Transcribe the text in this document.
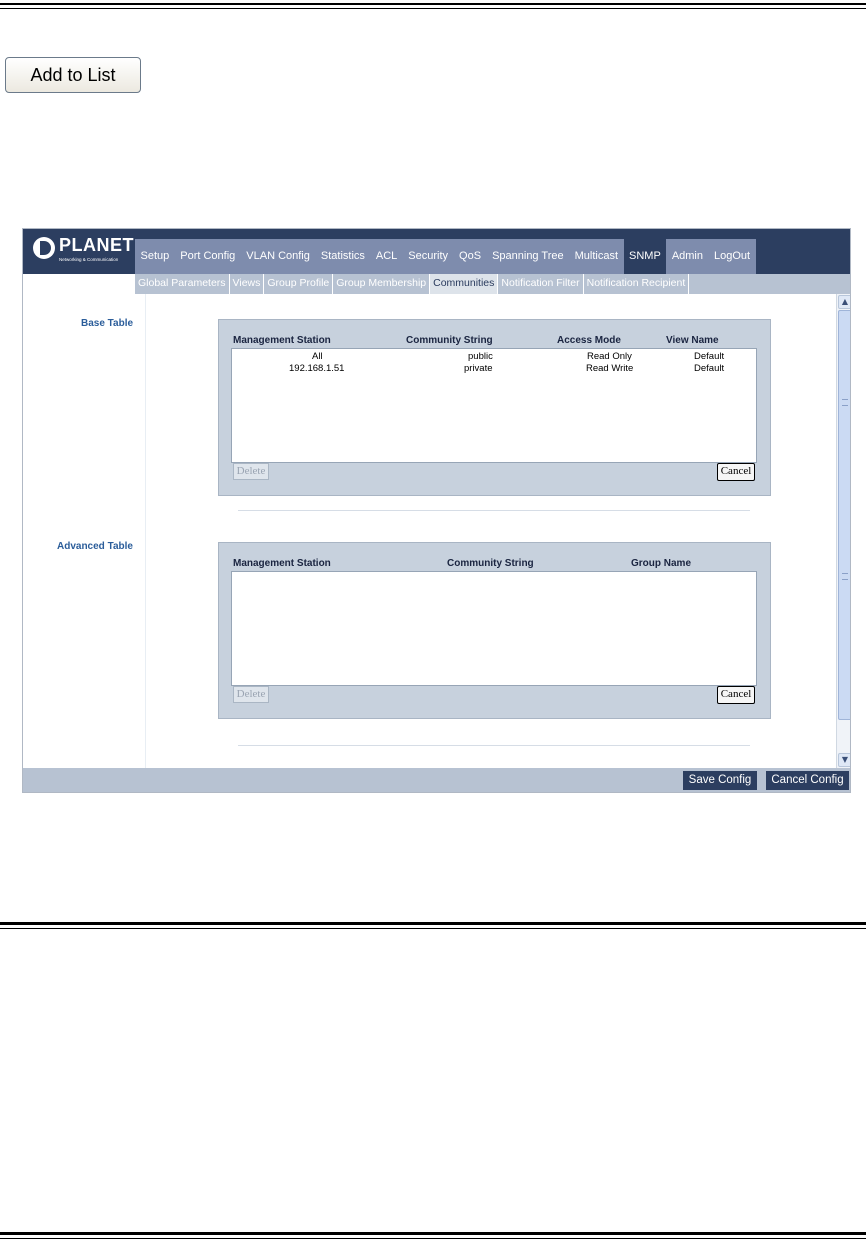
Add to List
PLANET
Networking & Communication	Setup	Port Config	VLAN Config	Statistics	ACL	Security	QoS	Spanning Tree	Multicast	SNMP	Admin	LogOut
Global Parameters Views Group Profile Group Membership Communities Notification Filter Notification Recipient
Base Table
Advanced Table
Management Station	Community String	Access Mode	View Name
All	public	Read Only	Default
192.168.1.51	private	Read Write	Default
Delete	Cancel
Management Station	Community String	Group Name
Delete	Cancel
▲
▼
Save Config	Cancel Config
